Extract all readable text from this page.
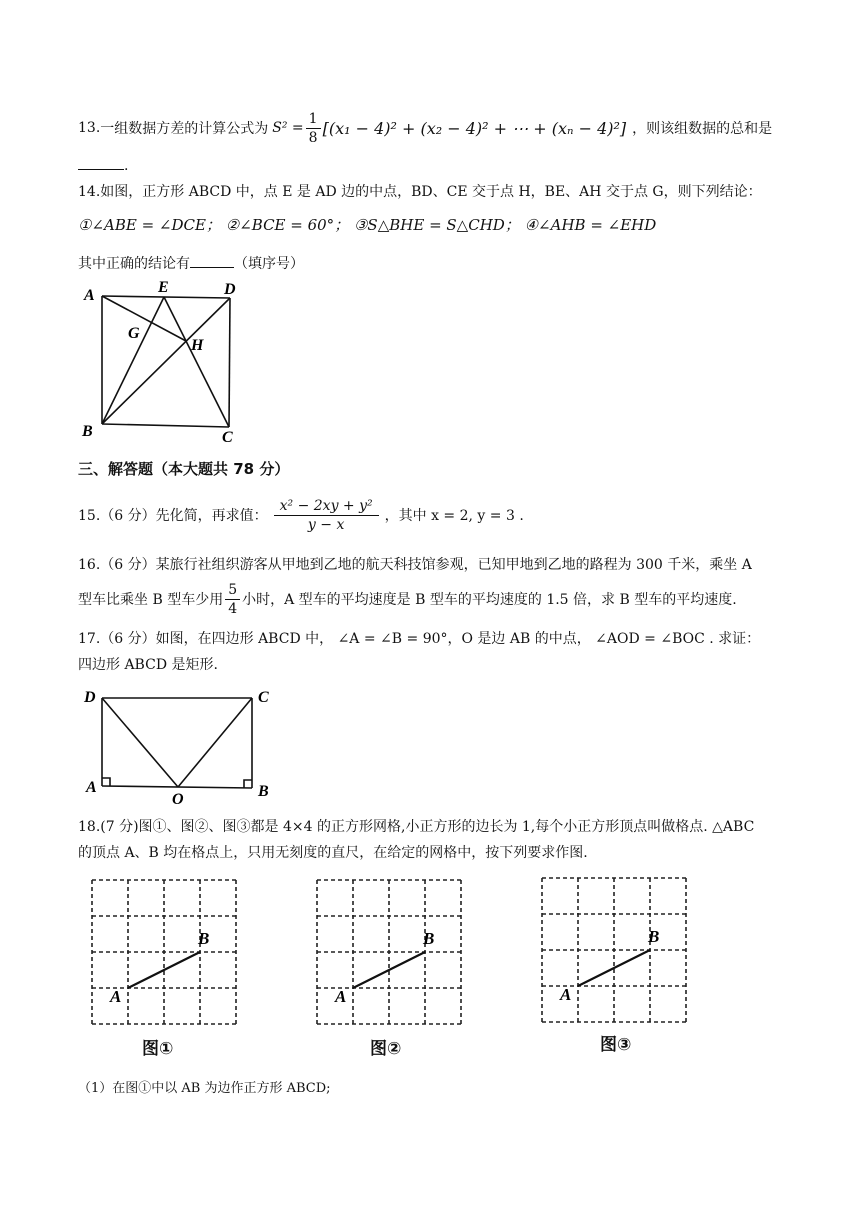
13. 一组数据方差的计算公式为 $S^2 = \frac{1}{8} [(x_1 - 4)^2 + (x_2 - 4)^2$ + ⋯ + (xₙ − 4)²] ，则该组数据的总和是
.
14.如图，正方形 ABCD 中，点 E 是 AD 边的中点，BD、CE 交于点 H，BE、AH 交于点 G，则下列结论：
①∠ABE = ∠DCE； ②∠BCE = 60°； ③S△BHE = S△CHD； ④∠AHB = ∠EHD
其中正确的结论有	（填序号）
A	E	D
G
H
B	C
三、解答题（本大题共 78 分）
15.（6 分）先化简，再求值： $\frac{\text{x² − 2xy + y²}}{y - x}$ ，其中 x = 2, y = 3 .
16.（6 分）某旅行社组织游客从甲地到乙地的航天科技馆参观，已知甲地到乙地的路程为 300 千米，乘坐 A
型车比乘坐 B 型车少用 $\frac{5}{4}$ 小时，A 型车的平均速度是 B 型车的平均速度的 1.5 倍，求 B 型车的平均速度.
17.（6 分）如图，在四边形 ABCD 中， ∠A = ∠B = 90°，O 是边 AB 的中点， ∠AOD = ∠BOC . 求证：
四边形 ABCD 是矩形.
D	C
A
O	B
18.(7 分)图①、图②、图③都是 4×4 的正方形网格,小正方形的边长为 1,每个小正方形顶点叫做格点. △ABC
的顶点 A、B 均在格点上，只用无刻度的直尺，在给定的网格中，按下列要求作图.
A
B
图①
A
B
图②
A
B
图③
（1）在图①中以 AB 为边作正方形 ABCD;
